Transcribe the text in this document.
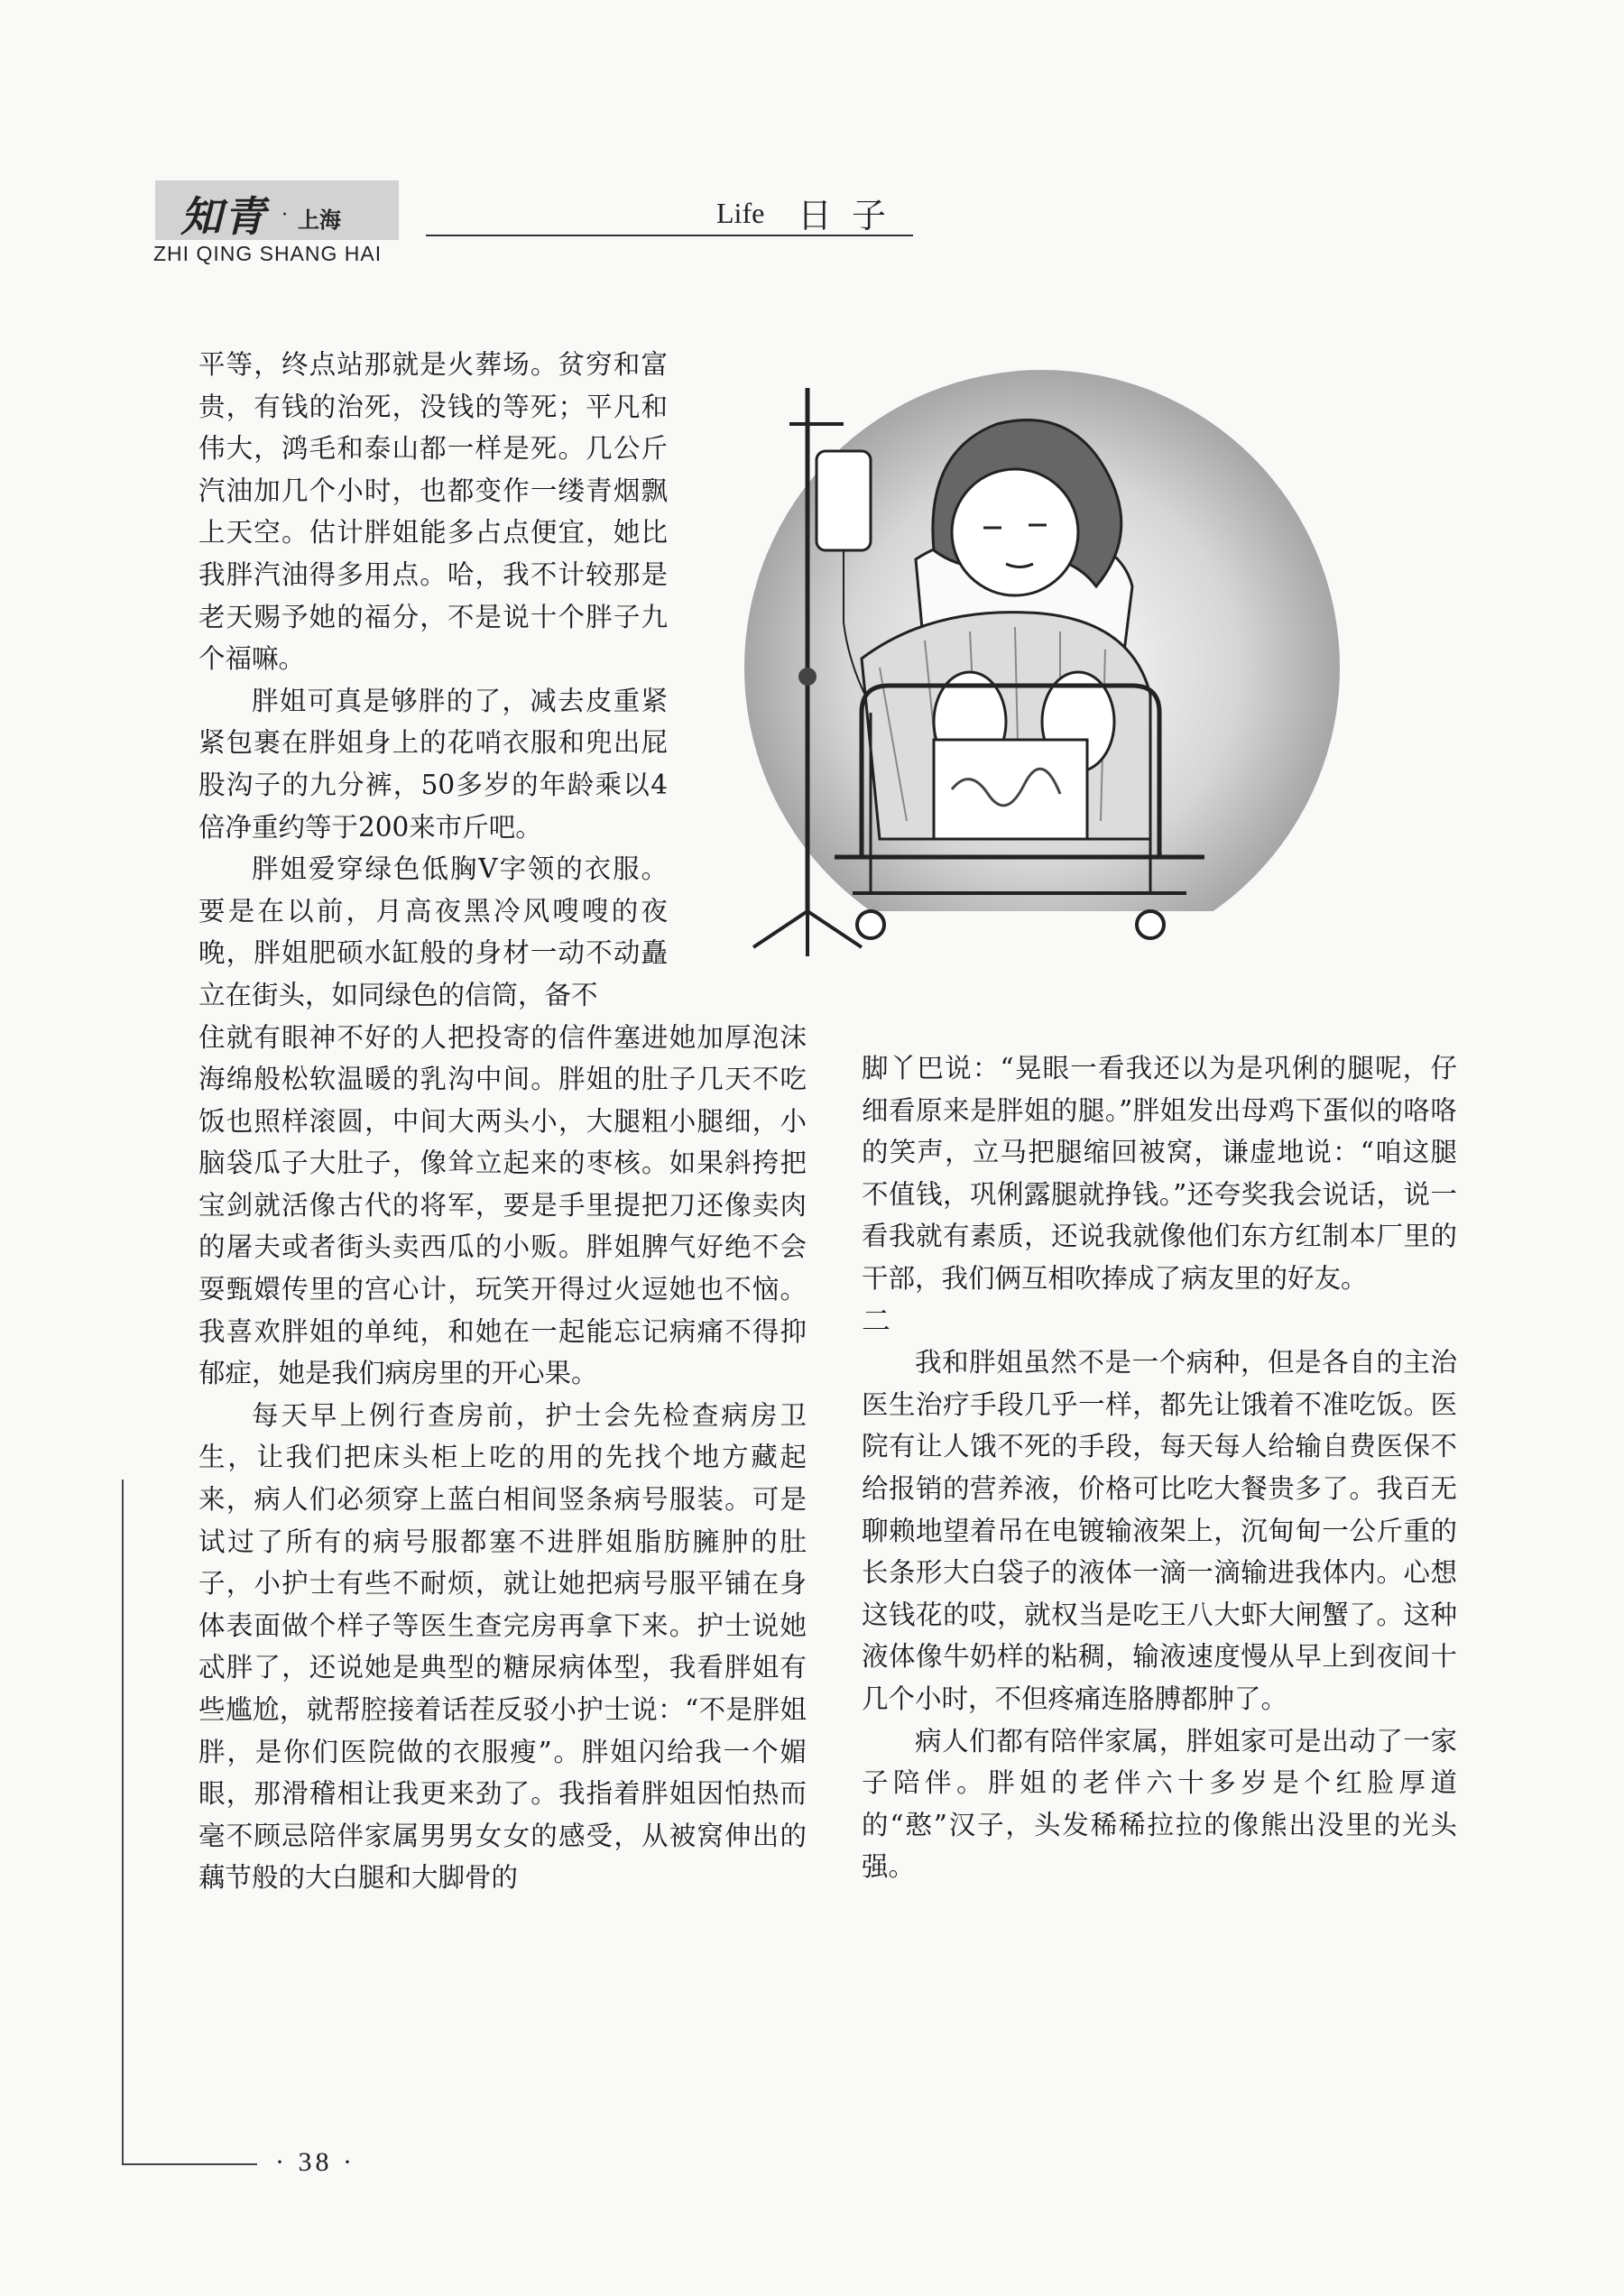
知青 · 上海
ZHI QING SHANG HAI
Life 日子

平等，终点站那就是火葬场。贫穷和富贵，有钱的治死，没钱的等死；平凡和伟大，鸿毛和泰山都一样是死。几公斤汽油加几个小时，也都变作一缕青烟飘上天空。估计胖姐能多占点便宜，她比我胖汽油得多用点。哈，我不计较那是老天赐予她的福分，不是说十个胖子九个福嘛。

胖姐可真是够胖的了，减去皮重紧紧包裹在胖姐身上的花哨衣服和兜出屁股沟子的九分裤，50多岁的年龄乘以4倍净重约等于200来市斤吧。

胖姐爱穿绿色低胸V字领的衣服。要是在以前，月高夜黑冷风嗖嗖的夜晚，胖姐肥硕水缸般的身材一动不动矗立在街头，如同绿色的信筒，备不

住就有眼神不好的人把投寄的信件塞进她加厚泡沫海绵般松软温暖的乳沟中间。胖姐的肚子几天不吃饭也照样滚圆，中间大两头小，大腿粗小腿细，小脑袋瓜子大肚子，像耸立起来的枣核。如果斜挎把宝剑就活像古代的将军，要是手里提把刀还像卖肉的屠夫或者街头卖西瓜的小贩。胖姐脾气好绝不会耍甄嬛传里的宫心计，玩笑开得过火逗她也不恼。我喜欢胖姐的单纯，和她在一起能忘记病痛不得抑郁症，她是我们病房里的开心果。

每天早上例行查房前，护士会先检查病房卫生，让我们把床头柜上吃的用的先找个地方藏起来，病人们必须穿上蓝白相间竖条病号服装。可是试过了所有的病号服都塞不进胖姐脂肪臃肿的肚子，小护士有些不耐烦，就让她把病号服平铺在身体表面做个样子等医生查完房再拿下来。护士说她忒胖了，还说她是典型的糖尿病体型，我看胖姐有些尴尬，就帮腔接着话茬反驳小护士说：“不是胖姐胖，是你们医院做的衣服瘦”。胖姐闪给我一个媚眼，那滑稽相让我更来劲了。我指着胖姐因怕热而毫不顾忌陪伴家属男男女女的感受，从被窝伸出的藕节般的大白腿和大脚骨的

脚丫巴说：“晃眼一看我还以为是巩俐的腿呢，仔细看原来是胖姐的腿。”胖姐发出母鸡下蛋似的咯咯的笑声，立马把腿缩回被窝，谦虚地说：“咱这腿不值钱，巩俐露腿就挣钱。”还夸奖我会说话，说一看我就有素质，还说我就像他们东方红制本厂里的干部，我们俩互相吹捧成了病友里的好友。

二

我和胖姐虽然不是一个病种，但是各自的主治医生治疗手段几乎一样，都先让饿着不准吃饭。医院有让人饿不死的手段，每天每人给输自费医保不给报销的营养液，价格可比吃大餐贵多了。我百无聊赖地望着吊在电镀输液架上，沉甸甸一公斤重的长条形大白袋子的液体一滴一滴输进我体内。心想这钱花的哎，就权当是吃王八大虾大闸蟹了。这种液体像牛奶样的粘稠，输液速度慢从早上到夜间十几个小时，不但疼痛连胳膊都肿了。

病人们都有陪伴家属，胖姐家可是出动了一家子陪伴。胖姐的老伴六十多岁是个红脸厚道的“憨”汉子，头发稀稀拉拉的像熊出没里的光头强。

· 38 ·
